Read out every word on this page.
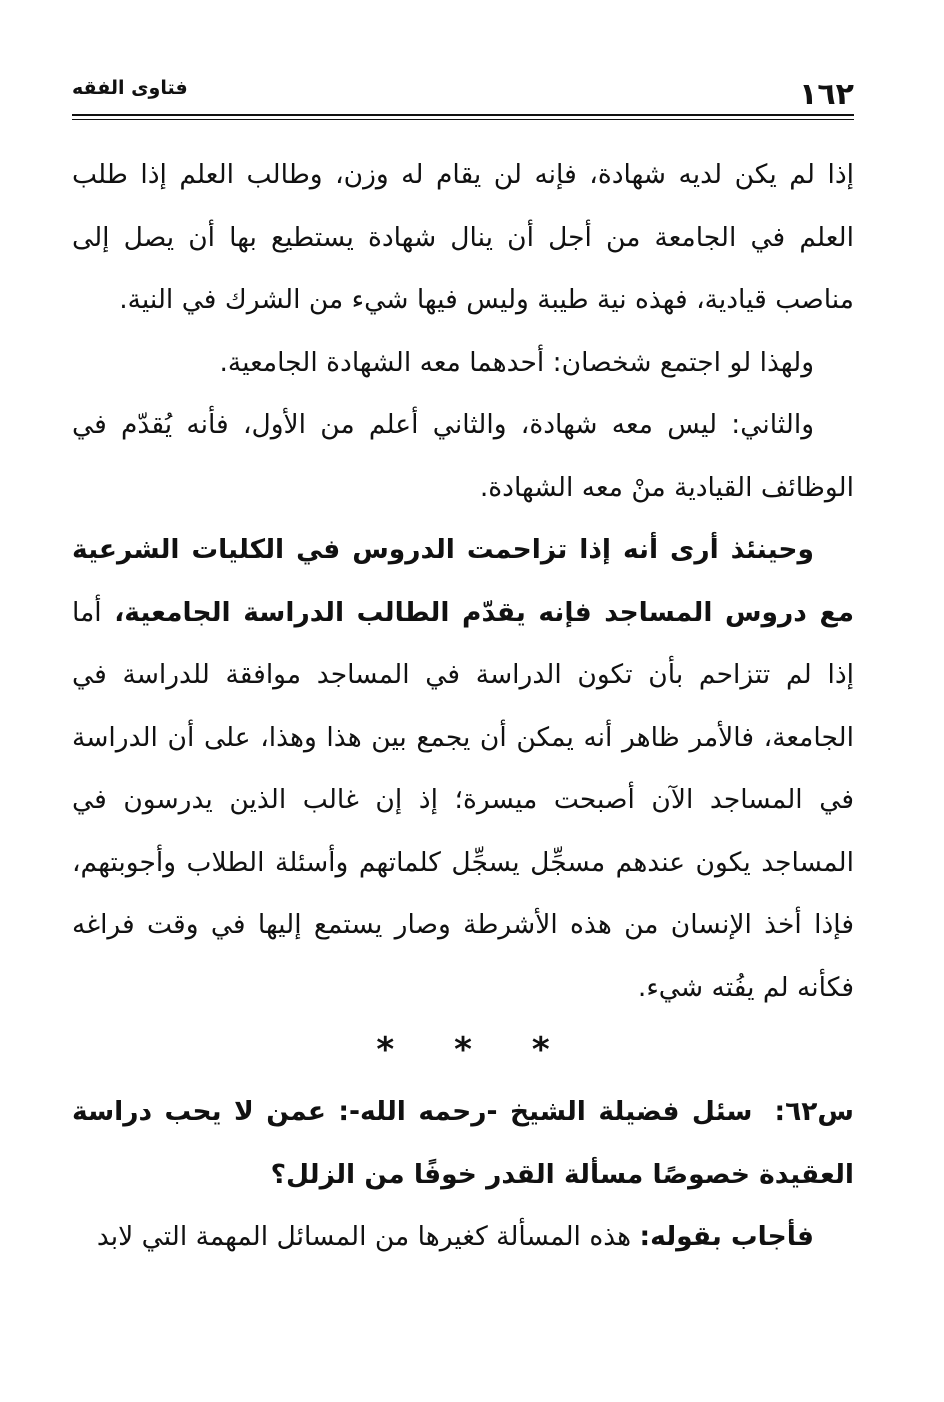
١٦٢
فتاوى الفقه

إذا لم يكن لديه شهادة، فإنه لن يقام له وزن، وطالب العلم إذا طلب العلم في الجامعة من أجل أن ينال شهادة يستطيع بها أن يصل إلى مناصب قيادية، فهذه نية طيبة وليس فيها شيء من الشرك في النية.

ولهذا لو اجتمع شخصان: أحدهما معه الشهادة الجامعية.

والثاني: ليس معه شهادة، والثاني أعلم من الأول، فأنه يُقدّم في الوظائف القيادية منْ معه الشهادة.

وحينئذ أرى أنه إذا تزاحمت الدروس في الكليات الشرعية مع دروس المساجد فإنه يقدّم الطالب الدراسة الجامعية، أما إذا لم تتزاحم بأن تكون الدراسة في المساجد موافقة للدراسة في الجامعة، فالأمر ظاهر أنه يمكن أن يجمع بين هذا وهذا، على أن الدراسة في المساجد الآن أصبحت ميسرة؛ إذ إن غالب الذين يدرسون في المساجد يكون عندهم مسجِّل يسجِّل كلماتهم وأسئلة الطلاب وأجوبتهم، فإذا أخذ الإنسان من هذه الأشرطة وصار يستمع إليها في وقت فراغه فكأنه لم يفُته شيء.

* * *

س٦٢:سئل فضيلة الشيخ -رحمه الله-: عمن لا يحب دراسة العقيدة خصوصًا مسألة القدر خوفًا من الزلل؟

فأجاب بقوله: هذه المسألة كغيرها من المسائل المهمة التي لابد
